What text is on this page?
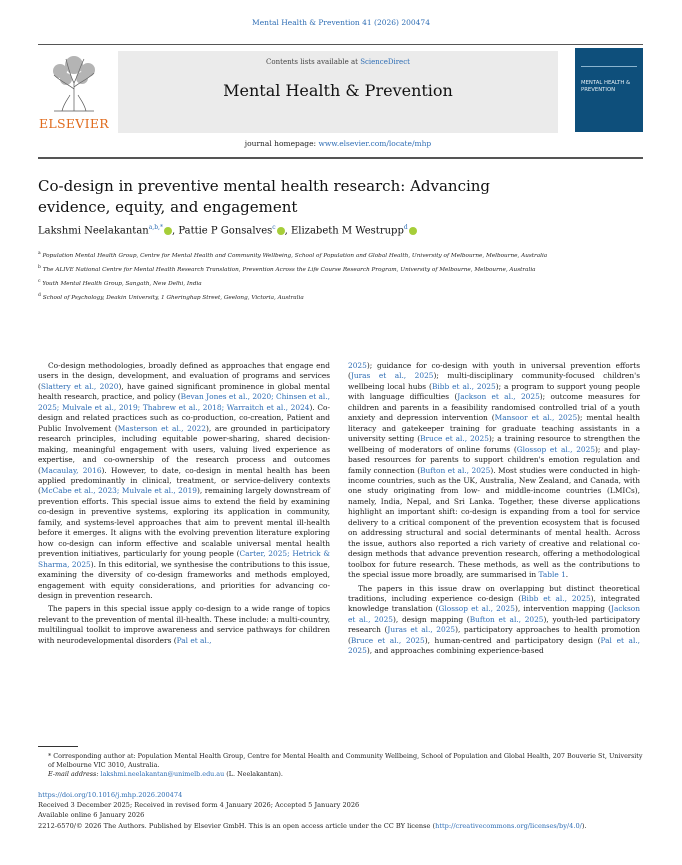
Mental Health & Prevention 41 (2026) 200474
ELSEVIER
Contents lists available at ScienceDirect
Mental Health & Prevention
journal homepage: www.elsevier.com/locate/mhp
MENTAL HEALTH & PREVENTION
Co-design in preventive mental health research: Advancing evidence, equity, and engagement
Lakshmi Neelakantan$^{a,b,*}$ , Pattie P Gonsalves$^c$ , Elizabeth M Westrupp$^d$
$^a$ Population Mental Health Group, Centre for Mental Health and Community Wellbeing, School of Population and Global Health, University of Melbourne, Melbourne, Australia
$^b$ The ALIVE National Centre for Mental Health Research Translation, Prevention Across the Life Course Research Program, University of Melbourne, Melbourne, Australia
$^c$ Youth Mental Health Group, Sangath, New Delhi, India
$^d$ School of Psychology, Deakin University, 1 Gheringhap Street, Geelong, Victoria, Australia

Co-design methodologies, broadly defined as approaches that engage end users in the design, development, and evaluation of programs and services (Slattery et al., 2020), have gained significant prominence in global mental health research, practice, and policy (Bevan Jones et al., 2020; Chinsen et al., 2025; Mulvale et al., 2019; Thabrew et al., 2018; Warraitch et al., 2024). Co-design and related practices such as co-production, co-creation, Patient and Public Involvement (Masterson et al., 2022), are grounded in participatory research principles, including equitable power-sharing, shared decision-making, meaningful engagement with users, valuing lived experience as expertise, and co-ownership of the research process and outcomes (Macaulay, 2016). However, to date, co-design in mental health has been applied predominantly in clinical, treatment, or service-delivery contexts (McCabe et al., 2023; Mulvale et al., 2019), remaining largely downstream of prevention efforts. This special issue aims to extend the field by examining co-design in preventive systems, exploring its application in community, family, and systems-level approaches that aim to prevent mental ill-health before it emerges. It aligns with the evolving prevention literature exploring how co-design can inform effective and scalable universal mental health prevention initiatives, particularly for young people (Carter, 2025; Hetrick & Sharma, 2025). In this editorial, we synthesise the contributions to this issue, examining the diversity of co-design frameworks and methods employed, engagement with equity considerations, and priorities for advancing co-design in prevention research.

The papers in this special issue apply co-design to a wide range of topics relevant to the prevention of mental ill-health. These include: a multi-country, multilingual toolkit to improve awareness and service pathways for children with neurodevelopmental disorders (Pal et al.,

2025); guidance for co-design with youth in universal prevention efforts (Juras et al., 2025); multi-disciplinary community-focused children's wellbeing local hubs (Bibb et al., 2025); a program to support young people with language difficulties (Jackson et al., 2025); outcome measures for children and parents in a feasibility randomised controlled trial of a youth anxiety and depression intervention (Mansoor et al., 2025); mental health literacy and gatekeeper training for graduate teaching assistants in a university setting (Bruce et al., 2025); a training resource to strengthen the wellbeing of moderators of online forums (Glossop et al., 2025); and play-based resources for parents to support children's emotion regulation and family connection (Bufton et al., 2025). Most studies were conducted in high-income countries, such as the UK, Australia, New Zealand, and Canada, with one study originating from low- and middle-income countries (LMICs), namely, India, Nepal, and Sri Lanka. Together, these diverse applications highlight an important shift: co-design is expanding from a tool for service delivery to a critical component of the prevention ecosystem that is focused on addressing structural and social determinants of mental health. Across the issue, authors also reported a rich variety of creative and relational co-design methods that advance prevention research, offering a methodological toolbox for future research. These methods, as well as the contributions to the special issue more broadly, are summarised in Table 1.

The papers in this issue draw on overlapping but distinct theoretical traditions, including experience co-design (Bibb et al., 2025), integrated knowledge translation (Glossop et al., 2025), intervention mapping (Jackson et al., 2025), design mapping (Bufton et al., 2025), youth-led participatory research (Juras et al., 2025), participatory approaches to health promotion (Bruce et al., 2025), human-centred and participatory design (Pal et al., 2025), and approaches combining experience-based

* Corresponding author at: Population Mental Health Group, Centre for Mental Health and Community Wellbeing, School of Population and Global Health, 207 Bouverie St, University of Melbourne VIC 3010, Australia.
E-mail address: lakshmi.neelakantan@unimelb.edu.au (L. Neelakantan).
https://doi.org/10.1016/j.mhp.2026.200474
Received 3 December 2025; Received in revised form 4 January 2026; Accepted 5 January 2026
Available online 6 January 2026
2212-6570/© 2026 The Authors. Published by Elsevier GmbH. This is an open access article under the CC BY license (http://creativecommons.org/licenses/by/4.0/).
